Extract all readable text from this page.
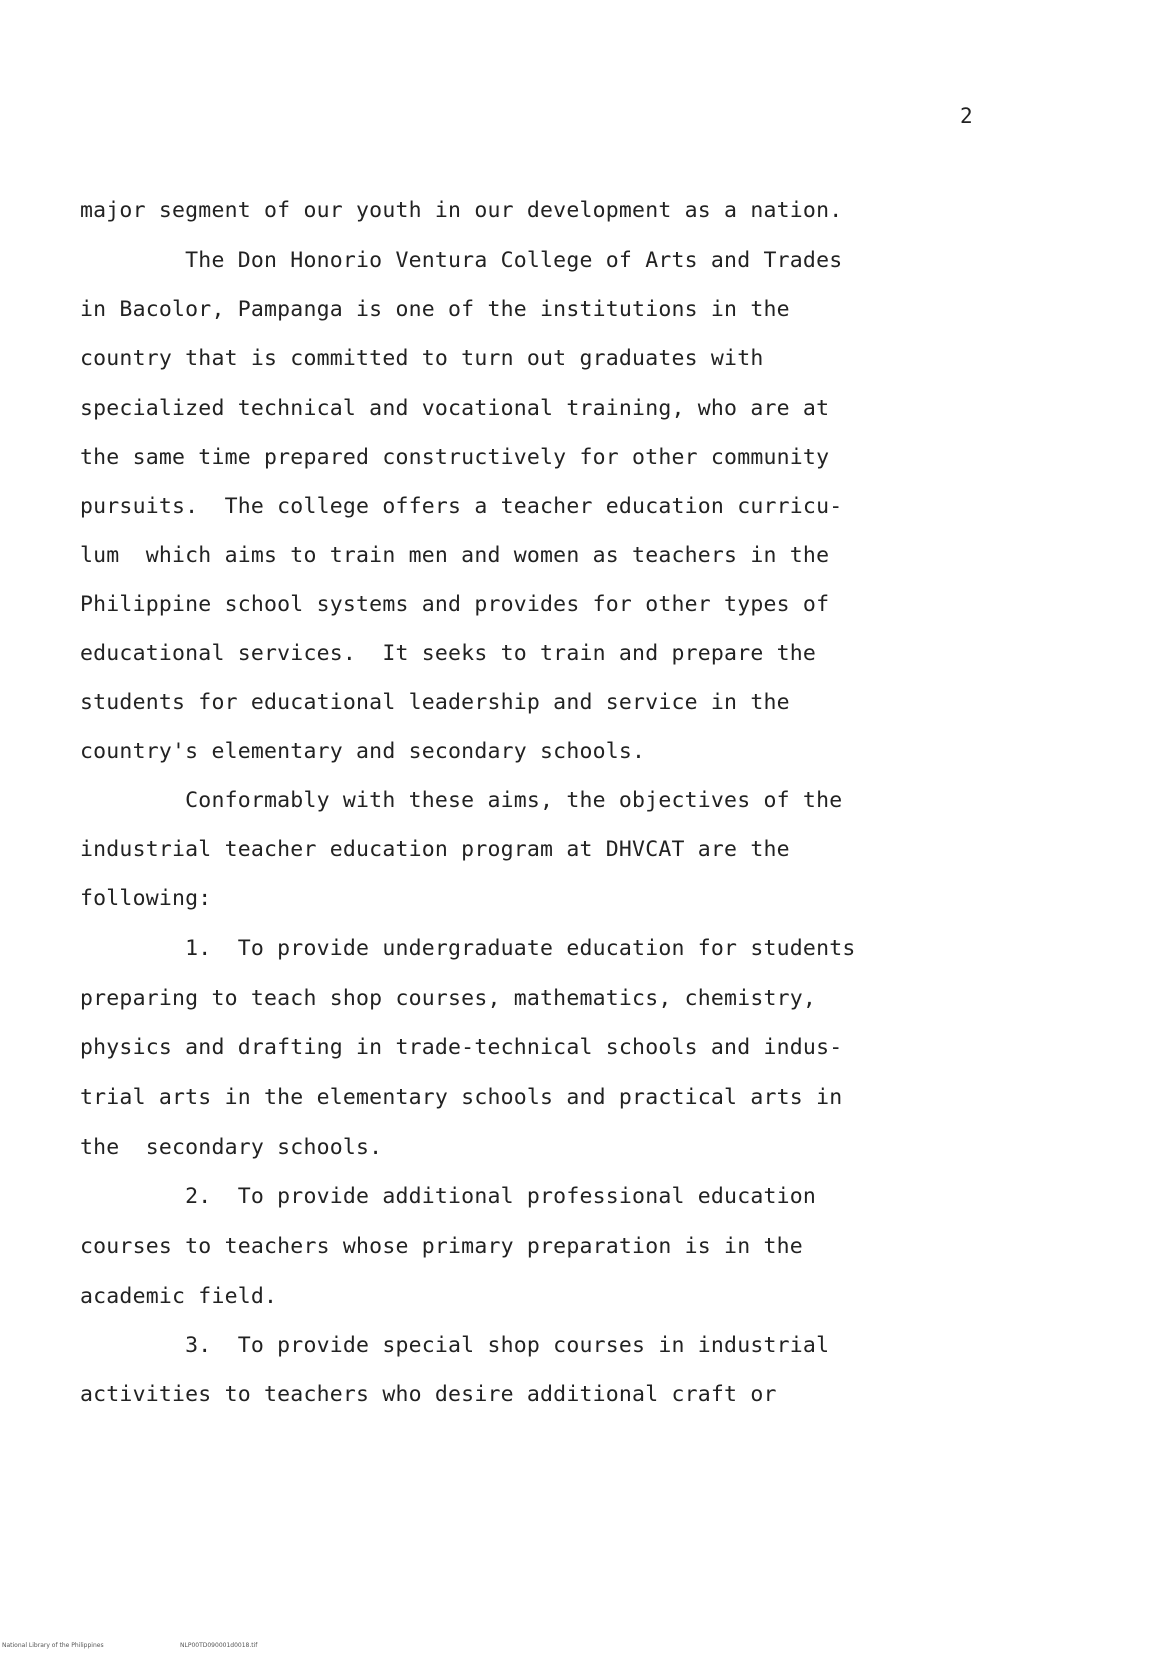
2
major segment of our youth in our development as a nation.
The Don Honorio Ventura College of Arts and Trades
in Bacolor, Pampanga is one of the institutions in the
country that is committed to turn out graduates with
specialized technical and vocational training, who are at
the same time prepared constructively for other community
pursuits.  The college offers a teacher education curricu-
lum  which aims to train men and women as teachers in the
Philippine school systems and provides for other types of
educational services.  It seeks to train and prepare the
students for educational leadership and service in the
country's elementary and secondary schools.
Conformably with these aims, the objectives of the
industrial teacher education program at DHVCAT are the
following:
1.  To provide undergraduate education for students
preparing to teach shop courses, mathematics, chemistry,
physics and drafting in trade-technical schools and indus-
trial arts in the elementary schools and practical arts in
the  secondary schools.
2.  To provide additional professional education
courses to teachers whose primary preparation is in the
academic field.
3.  To provide special shop courses in industrial
activities to teachers who desire additional craft or
National Library of the Philippines	NLP00TD090001d0018.tif
